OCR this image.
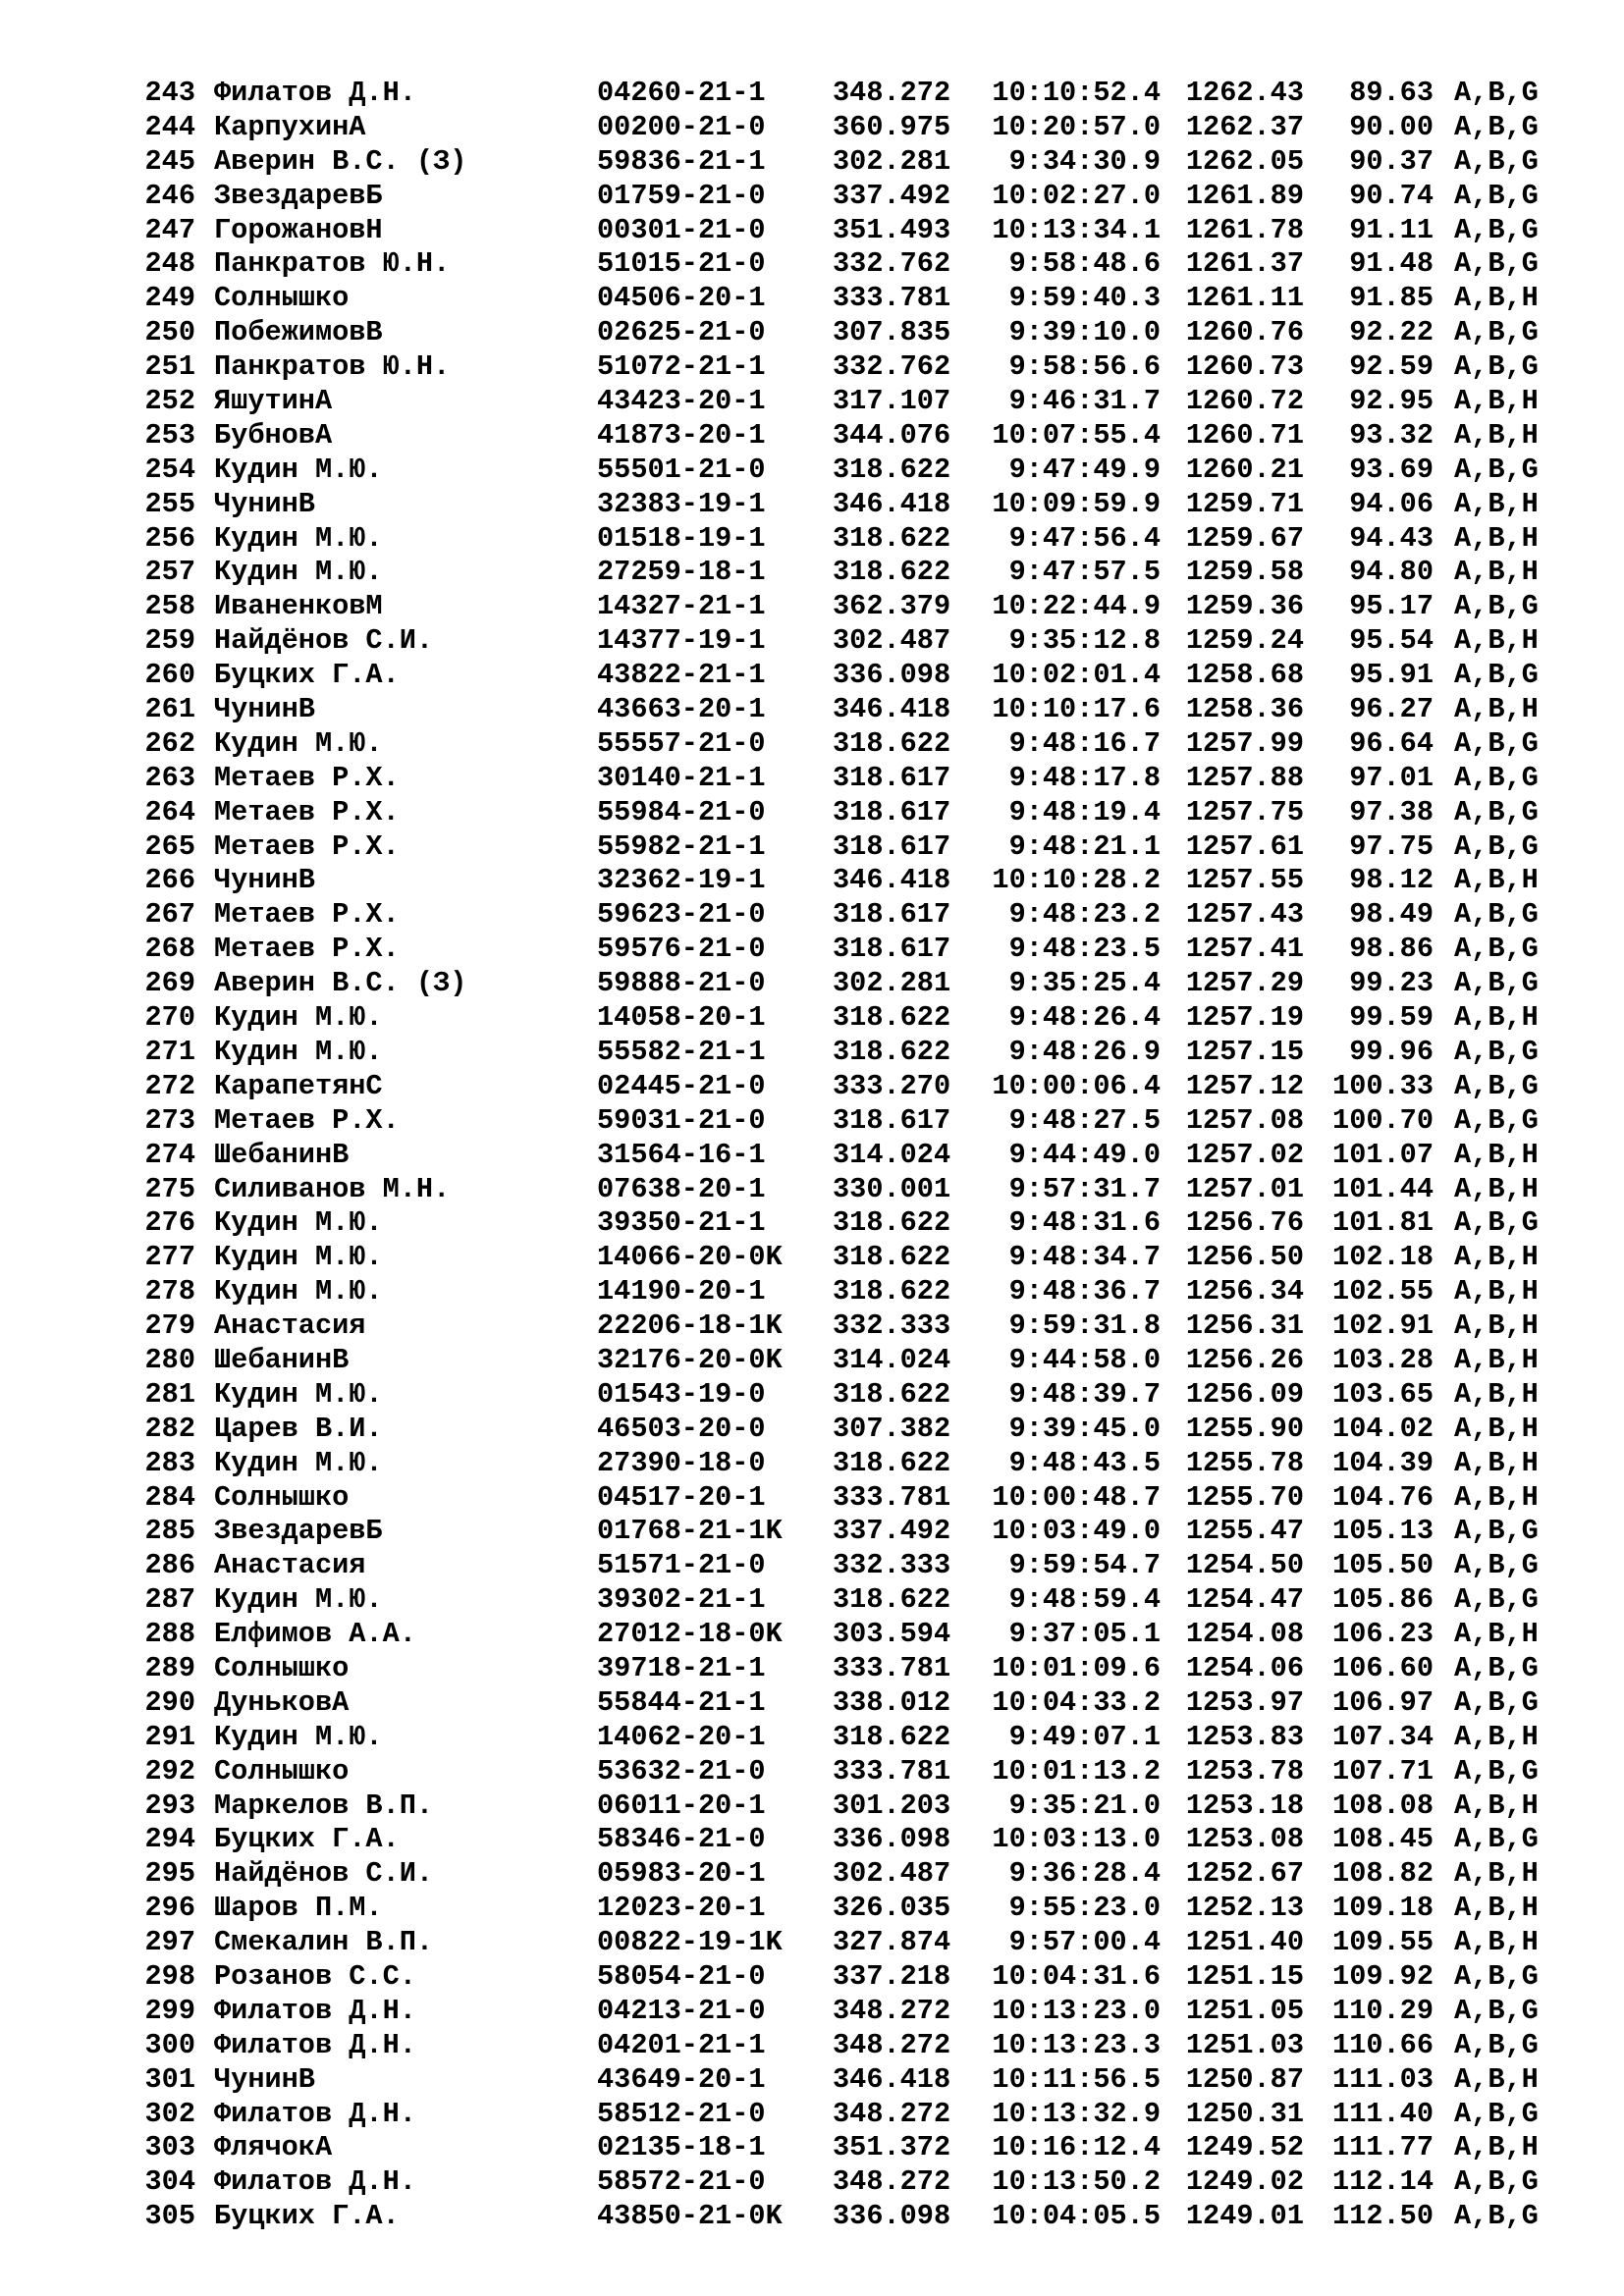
243 Филатов Д.Н.	04260-21-1 348.272	10:10:52.4 1262.43	89.63 A,B,G
244 КарпухинА	00200-21-0 360.975	10:20:57.0 1262.37	90.00 A,B,G
245 Аверин В.С. (З)	59836-21-1 302.281	9:34:30.9 1262.05	90.37 A,B,G
246 ЗвездаревБ	01759-21-0 337.492	10:02:27.0 1261.89	90.74 A,B,G
247 ГорожановН	00301-21-0 351.493	10:13:34.1 1261.78	91.11 A,B,G
248 Панкратов Ю.Н.	51015-21-0 332.762	9:58:48.6 1261.37	91.48 A,B,G
249 Солнышко	04506-20-1 333.781	9:59:40.3 1261.11	91.85 A,B,H
250 ПобежимовВ	02625-21-0 307.835	9:39:10.0 1260.76	92.22 A,B,G
251 Панкратов Ю.Н.	51072-21-1 332.762	9:58:56.6 1260.73	92.59 A,B,G
252 ЯшутинА	43423-20-1 317.107	9:46:31.7 1260.72	92.95 A,B,H
253 БубновА	41873-20-1 344.076	10:07:55.4 1260.71	93.32 A,B,H
254 Кудин М.Ю.	55501-21-0 318.622	9:47:49.9 1260.21	93.69 A,B,G
255 ЧунинВ	32383-19-1 346.418	10:09:59.9 1259.71	94.06 A,B,H
256 Кудин М.Ю.	01518-19-1 318.622	9:47:56.4 1259.67	94.43 A,B,H
257 Кудин М.Ю.	27259-18-1 318.622	9:47:57.5 1259.58	94.80 A,B,H
258 ИваненковМ	14327-21-1 362.379	10:22:44.9 1259.36	95.17 A,B,G
259 Найдёнов С.И.	14377-19-1 302.487	9:35:12.8 1259.24	95.54 A,B,H
260 Буцких Г.А.	43822-21-1 336.098	10:02:01.4 1258.68	95.91 A,B,G
261 ЧунинВ	43663-20-1 346.418	10:10:17.6 1258.36	96.27 A,B,H
262 Кудин М.Ю.	55557-21-0 318.622	9:48:16.7 1257.99	96.64 A,B,G
263 Метаев Р.Х.	30140-21-1 318.617	9:48:17.8 1257.88	97.01 A,B,G
264 Метаев Р.Х.	55984-21-0 318.617	9:48:19.4 1257.75	97.38 A,B,G
265 Метаев Р.Х.	55982-21-1 318.617	9:48:21.1 1257.61	97.75 A,B,G
266 ЧунинВ	32362-19-1 346.418	10:10:28.2 1257.55	98.12 A,B,H
267 Метаев Р.Х.	59623-21-0 318.617	9:48:23.2 1257.43	98.49 A,B,G
268 Метаев Р.Х.	59576-21-0 318.617	9:48:23.5 1257.41	98.86 A,B,G
269 Аверин В.С. (З)	59888-21-0 302.281	9:35:25.4 1257.29	99.23 A,B,G
270 Кудин М.Ю.	14058-20-1 318.622	9:48:26.4 1257.19	99.59 A,B,H
271 Кудин М.Ю.	55582-21-1 318.622	9:48:26.9 1257.15	99.96 A,B,G
272 КарапетянС	02445-21-0 333.270	10:00:06.4 1257.12	100.33 A,B,G
273 Метаев Р.Х.	59031-21-0 318.617	9:48:27.5 1257.08	100.70 A,B,G
274 ШебанинВ	31564-16-1 314.024	9:44:49.0 1257.02	101.07 A,B,H
275 Силиванов М.Н.	07638-20-1 330.001	9:57:31.7 1257.01	101.44 A,B,H
276 Кудин М.Ю.	39350-21-1 318.622	9:48:31.6 1256.76	101.81 A,B,G
277 Кудин М.Ю.	14066-20-0K 318.622	9:48:34.7 1256.50	102.18 A,B,H
278 Кудин М.Ю.	14190-20-1 318.622	9:48:36.7 1256.34	102.55 A,B,H
279 Анастасия	22206-18-1K 332.333	9:59:31.8 1256.31	102.91 A,B,H
280 ШебанинВ	32176-20-0K 314.024	9:44:58.0 1256.26	103.28 A,B,H
281 Кудин М.Ю.	01543-19-0 318.622	9:48:39.7 1256.09	103.65 A,B,H
282 Царев В.И.	46503-20-0 307.382	9:39:45.0 1255.90	104.02 A,B,H
283 Кудин М.Ю.	27390-18-0 318.622	9:48:43.5 1255.78	104.39 A,B,H
284 Солнышко	04517-20-1 333.781	10:00:48.7 1255.70	104.76 A,B,H
285 ЗвездаревБ	01768-21-1K 337.492	10:03:49.0 1255.47	105.13 A,B,G
286 Анастасия	51571-21-0 332.333	9:59:54.7 1254.50	105.50 A,B,G
287 Кудин М.Ю.	39302-21-1 318.622	9:48:59.4 1254.47	105.86 A,B,G
288 Елфимов А.А.	27012-18-0K 303.594	9:37:05.1 1254.08	106.23 A,B,H
289 Солнышко	39718-21-1 333.781	10:01:09.6 1254.06	106.60 A,B,G
290 ДуньковА	55844-21-1 338.012	10:04:33.2 1253.97	106.97 A,B,G
291 Кудин М.Ю.	14062-20-1 318.622	9:49:07.1 1253.83	107.34 A,B,H
292 Солнышко	53632-21-0 333.781	10:01:13.2 1253.78	107.71 A,B,G
293 Маркелов В.П.	06011-20-1 301.203	9:35:21.0 1253.18	108.08 A,B,H
294 Буцких Г.А.	58346-21-0 336.098	10:03:13.0 1253.08	108.45 A,B,G
295 Найдёнов С.И.	05983-20-1 302.487	9:36:28.4 1252.67	108.82 A,B,H
296 Шаров П.М.	12023-20-1 326.035	9:55:23.0 1252.13	109.18 A,B,H
297 Смекалин В.П.	00822-19-1K 327.874	9:57:00.4 1251.40	109.55 A,B,H
298 Розанов С.С.	58054-21-0 337.218	10:04:31.6 1251.15	109.92 A,B,G
299 Филатов Д.Н.	04213-21-0 348.272	10:13:23.0 1251.05	110.29 A,B,G
300 Филатов Д.Н.	04201-21-1 348.272	10:13:23.3 1251.03	110.66 A,B,G
301 ЧунинВ	43649-20-1 346.418	10:11:56.5 1250.87	111.03 A,B,H
302 Филатов Д.Н.	58512-21-0 348.272	10:13:32.9 1250.31	111.40 A,B,G
303 ФлячокА	02135-18-1 351.372	10:16:12.4 1249.52	111.77 A,B,H
304 Филатов Д.Н.	58572-21-0 348.272	10:13:50.2 1249.02	112.14 A,B,G
305 Буцких Г.А.	43850-21-0K 336.098	10:04:05.5 1249.01	112.50 A,B,G
